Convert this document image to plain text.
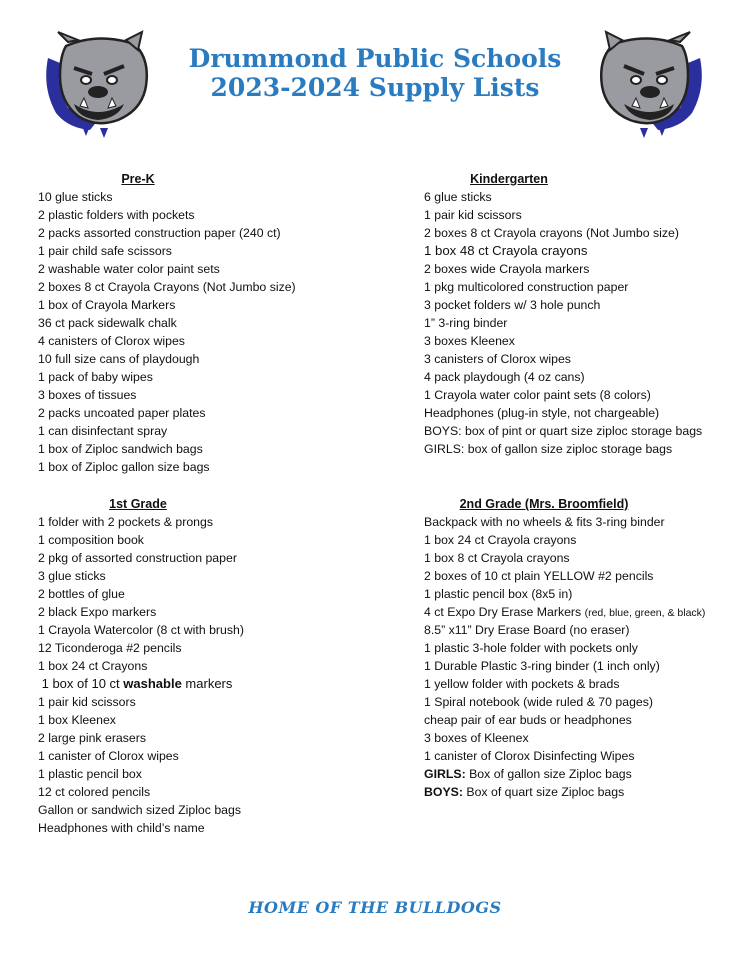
Drummond Public Schools
2023-2024 Supply Lists
Pre-K
10 glue sticks
2 plastic folders with pockets
2 packs assorted construction paper (240 ct)
1 pair child safe scissors
2 washable water color paint sets
2 boxes 8 ct Crayola Crayons (Not Jumbo size)
1 box of Crayola Markers
36 ct pack sidewalk chalk
4 canisters of Clorox wipes
10 full size cans of playdough
1 pack of baby wipes
3 boxes of tissues
2 packs uncoated paper plates
1 can disinfectant spray
1 box of Ziploc sandwich bags
1 box of Ziploc gallon size bags
Kindergarten
6 glue sticks
1 pair kid scissors
2 boxes 8 ct Crayola crayons (Not Jumbo size)
1 box 48 ct Crayola crayons
2 boxes wide Crayola markers
1 pkg multicolored construction paper
3 pocket folders w/ 3 hole punch
1” 3-ring binder
3 boxes Kleenex
3 canisters of Clorox wipes
4 pack playdough (4 oz cans)
1 Crayola water color paint sets (8 colors)
Headphones (plug-in style, not chargeable)
BOYS: box of pint or quart size ziploc storage bags
GIRLS: box of gallon size ziploc storage bags
1st Grade
1 folder with 2 pockets & prongs
1 composition book
2 pkg of assorted construction paper
3 glue sticks
2 bottles of glue
2 black Expo markers
1 Crayola Watercolor (8 ct with brush)
12 Ticonderoga #2 pencils
1 box 24 ct Crayons
1 box of 10 ct washable markers
1 pair kid scissors
1 box Kleenex
2 large pink erasers
1 canister of Clorox wipes
1 plastic pencil box
12 ct colored pencils
Gallon or sandwich sized Ziploc bags
Headphones with child’s name
2nd Grade (Mrs. Broomfield)
Backpack with no wheels & fits 3-ring binder
1 box 24 ct Crayola crayons
1 box 8 ct Crayola crayons
2 boxes of 10 ct plain YELLOW #2 pencils
1 plastic pencil box (8x5 in)
4 ct Expo Dry Erase Markers (red, blue, green, & black)
8.5” x11” Dry Erase Board (no eraser)
1 plastic 3-hole folder with pockets only
1 Durable Plastic 3-ring binder (1 inch only)
1 yellow folder with pockets & brads
1 Spiral notebook (wide ruled & 70 pages)
cheap pair of ear buds or headphones
3 boxes of Kleenex
1 canister of Clorox Disinfecting Wipes
GIRLS: Box of gallon size Ziploc bags
BOYS: Box of quart size Ziploc bags
HOME OF THE BULLDOGS
